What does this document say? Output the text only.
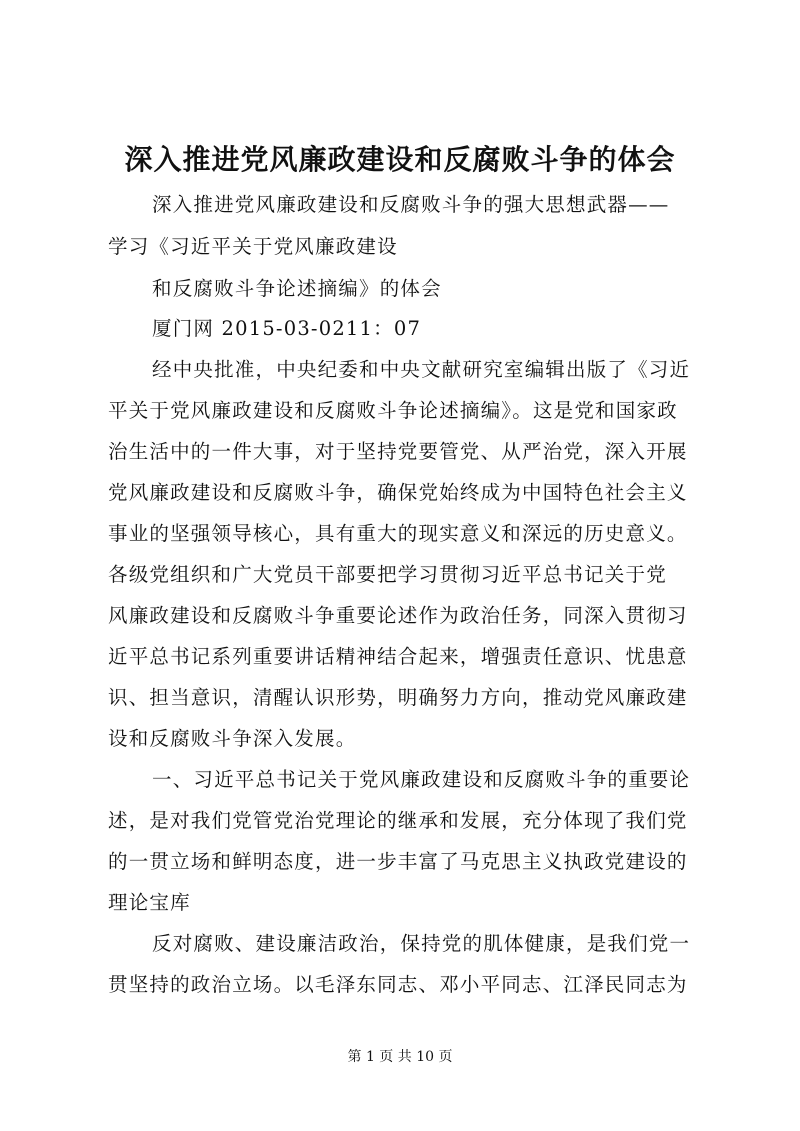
深入推进党风廉政建设和反腐败斗争的体会
深入推进党风廉政建设和反腐败斗争的强大思想武器——
学习《习近平关于党风廉政建设
和反腐败斗争论述摘编》的体会
厦门网 2015-03-0211：07
经中央批准，中央纪委和中央文献研究室编辑出版了《习近
平关于党风廉政建设和反腐败斗争论述摘编》。这是党和国家政
治生活中的一件大事，对于坚持党要管党、从严治党，深入开展
党风廉政建设和反腐败斗争，确保党始终成为中国特色社会主义
事业的坚强领导核心，具有重大的现实意义和深远的历史意义。
各级党组织和广大党员干部要把学习贯彻习近平总书记关于党
风廉政建设和反腐败斗争重要论述作为政治任务，同深入贯彻习
近平总书记系列重要讲话精神结合起来，增强责任意识、忧患意
识、担当意识，清醒认识形势，明确努力方向，推动党风廉政建
设和反腐败斗争深入发展。
一、习近平总书记关于党风廉政建设和反腐败斗争的重要论
述，是对我们党管党治党理论的继承和发展，充分体现了我们党
的一贯立场和鲜明态度，进一步丰富了马克思主义执政党建设的
理论宝库
反对腐败、建设廉洁政治，保持党的肌体健康，是我们党一
贯坚持的政治立场。以毛泽东同志、邓小平同志、江泽民同志为
第 1 页 共 10 页
